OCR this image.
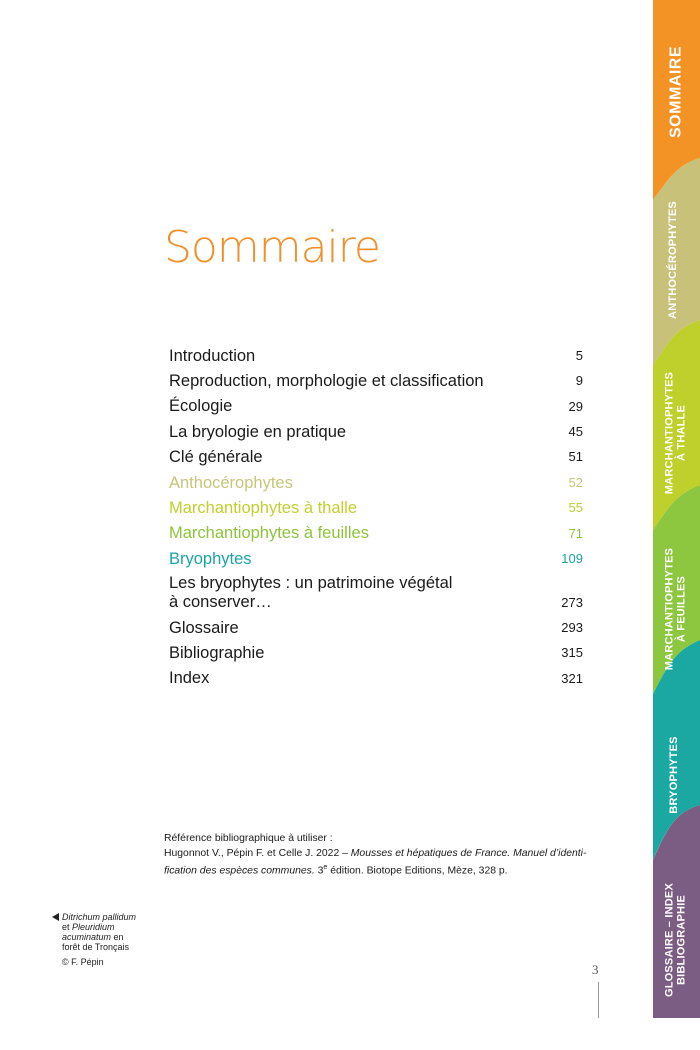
Sommaire
Introduction	5
Reproduction, morphologie et classification	9
Écologie	29
La bryologie en pratique	45
Clé générale	51
Anthocérophytes	52
Marchantiophytes à thalle	55
Marchantiophytes à feuilles	71
Bryophytes	109
Les bryophytes : un patrimoine végétal
à conserver…	273
Glossaire	293
Bibliographie	315
Index	321
Référence bibliographique à utiliser :
Hugonnot V., Pépin F. et Celle J. 2022 – Mousses et hépatiques de France. Manuel d’identi-fication des espèces communes. 3e édition. Biotope Editions, Mèze, 328 p.
Ditrichum pallidum
et Pleuridium
acuminatum en
forêt de Tronçais
© F. Pépin	3
SOMMAIRE
ANTHOCÉROPHYTES
MARCHANTIOPHYTES À THALLE
MARCHANTIOPHYTES À FEUILLES
BRYOPHYTES
GLOSSAIRE – INDEX BIBLIOGRAPHIE
